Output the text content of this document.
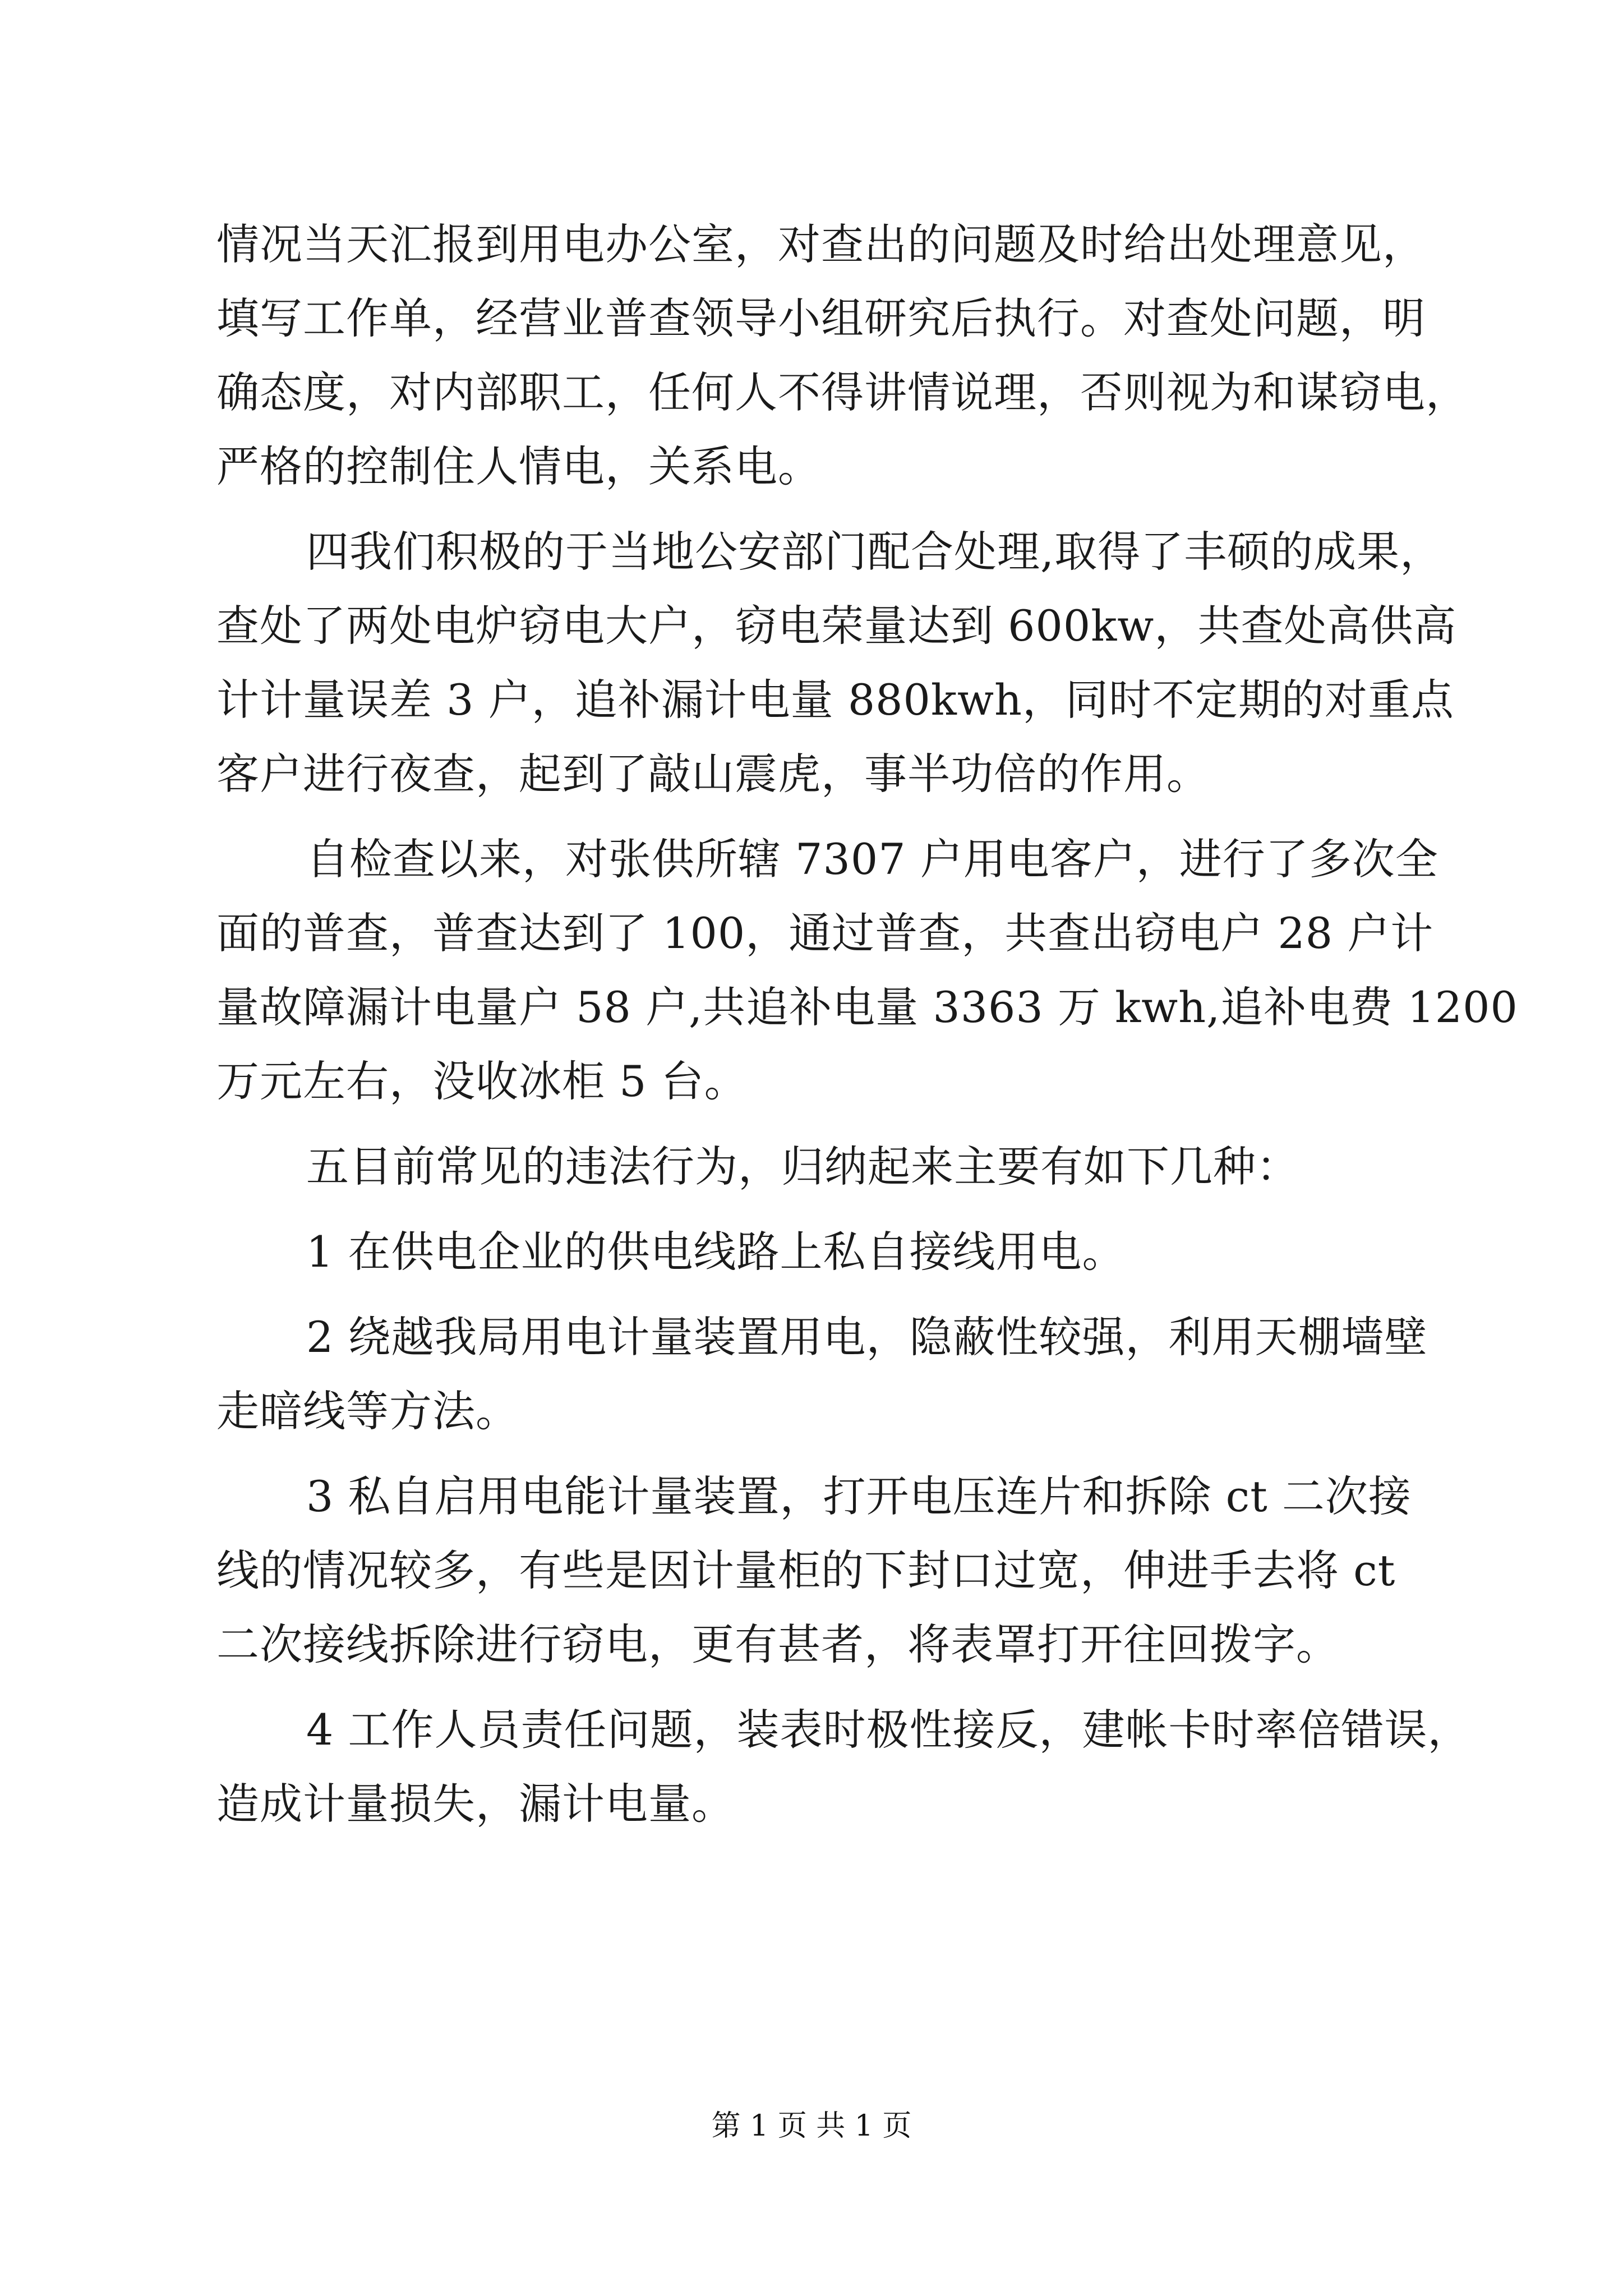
情况当天汇报到用电办公室，对查出的问题及时给出处理意见，
填写工作单，经营业普查领导小组研究后执行。对查处问题，明
确态度，对内部职工，任何人不得讲情说理，否则视为和谋窃电，
严格的控制住人情电，关系电。

四我们积极的于当地公安部门配合处理,取得了丰硕的成果，
查处了两处电炉窃电大户，窃电荣量达到 600kw，共查处高供高
计计量误差 3 户，追补漏计电量 880kwh，同时不定期的对重点
客户进行夜查，起到了敲山震虎，事半功倍的作用。

自检查以来，对张供所辖 7307 户用电客户，进行了多次全
面的普查，普查达到了 100，通过普查，共查出窃电户 28 户计
量故障漏计电量户 58 户,共追补电量 3363 万 kwh,追补电费 1200
万元左右，没收冰柜 5 台。

五目前常见的违法行为，归纳起来主要有如下几种：

1 在供电企业的供电线路上私自接线用电。

2 绕越我局用电计量装置用电，隐蔽性较强，利用天棚墙壁
走暗线等方法。

3 私自启用电能计量装置，打开电压连片和拆除 ct 二次接
线的情况较多，有些是因计量柜的下封口过宽，伸进手去将 ct
二次接线拆除进行窃电，更有甚者，将表罩打开往回拨字。

4 工作人员责任问题，装表时极性接反，建帐卡时率倍错误，
造成计量损失，漏计电量。

第 1 页 共 1 页
